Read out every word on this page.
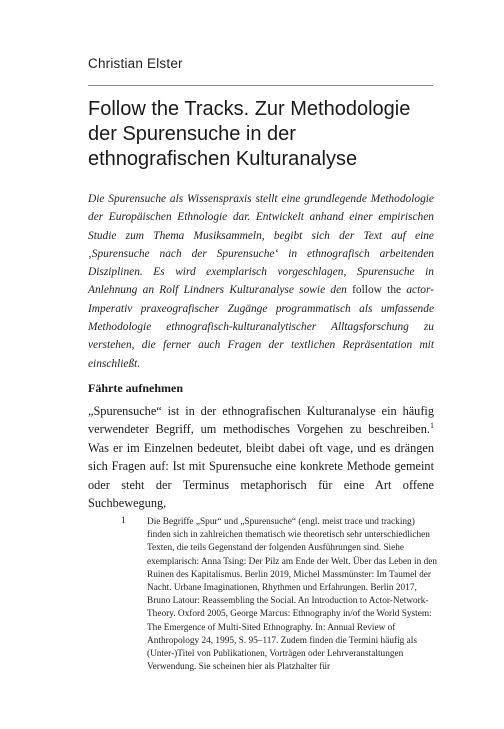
Christian Elster
Follow the Tracks. Zur Methodologie der Spurensuche in der ethnografischen Kulturanalyse

Die Spurensuche als Wissenspraxis stellt eine grundlegende Methodologie der Europäischen Ethnologie dar. Entwickelt anhand einer empirischen Studie zum Thema Musiksammeln, begibt sich der Text auf eine ‚Spurensuche nach der Spurensuche‘ in ethnografisch arbeitenden Disziplinen. Es wird exemplarisch vorgeschlagen, Spurensuche in Anlehnung an Rolf Lindners Kulturanalyse sowie den follow the actor-Imperativ praxeografischer Zugänge programmatisch als umfassende Methodologie ethnografisch-kulturanalytischer Alltagsforschung zu verstehen, die ferner auch Fragen der textlichen Repräsentation mit einschließt.

Fährte aufnehmen

„Spurensuche“ ist in der ethnografischen Kulturanalyse ein häufig verwendeter Begriff, um methodisches Vorgehen zu beschreiben.$^1$ Was er im Einzelnen bedeutet, bleibt dabei oft vage, und es drängen sich Fragen auf: Ist mit Spurensuche eine konkrete Methode gemeint oder steht der Terminus metaphorisch für eine Art offene Suchbewegung,

1 Die Begriffe „Spur“ und „Spurensuche“ (engl. meist trace und tracking) finden sich in zahlreichen thematisch wie theoretisch sehr unterschiedlichen Texten, die teils Gegenstand der folgenden Ausführungen sind. Siehe exemplarisch: Anna Tsing: Der Pilz am Ende der Welt. Über das Leben in den Ruinen des Kapitalismus. Berlin 2019, Michel Massmünster: Im Taumel der Nacht. Urbane Imaginationen, Rhythmen und Erfahrungen. Berlin 2017, Bruno Latour: Reassembling the Social. An Introduction to Actor-Network-Theory. Oxford 2005, George Marcus: Ethnography in/of the World System: The Emergence of Multi-Sited Ethnography. In: Annual Review of Anthropology 24, 1995, S. 95–117. Zudem finden die Termini häufig als (Unter-)Titel von Publikationen, Vorträgen oder Lehrveranstaltungen Verwendung. Sie scheinen hier als Platzhalter für
